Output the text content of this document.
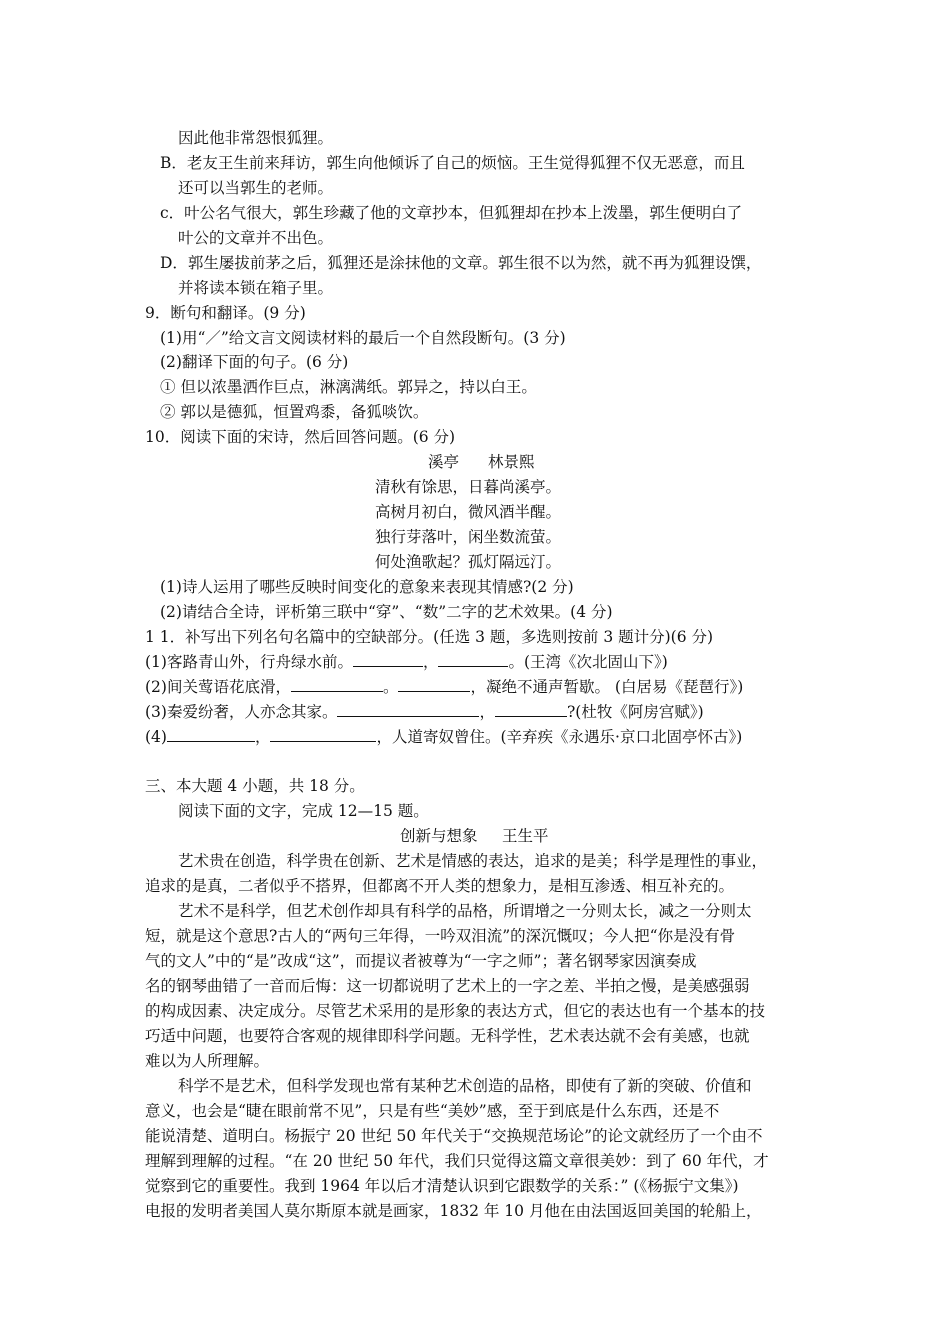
因此他非常怨恨狐狸。
B．老友王生前来拜访，郭生向他倾诉了自己的烦恼。王生觉得狐狸不仅无恶意，而且
还可以当郭生的老师。
c．叶公名气很大，郭生珍藏了他的文章抄本，但狐狸却在抄本上泼墨，郭生便明白了
叶公的文章并不出色。
D．郭生屡拔前茅之后，狐狸还是涂抹他的文章。郭生很不以为然，就不再为狐狸设馔，
并将读本锁在箱子里。
9．断句和翻译。(9 分)
(1)用“／”给文言文阅读材料的最后一个自然段断句。(3 分)
(2)翻译下面的句子。(6 分)
① 但以浓墨洒作巨点，淋漓满纸。郭异之，持以白王。
② 郭以是德狐，恒置鸡黍，备狐啖饮。
10．阅读下面的宋诗，然后回答问题。(6 分)
溪亭 林景熙
清秋有馀思，日暮尚溪亭。
高树月初白，微风酒半醒。
独行芽落叶，闲坐数流萤。
何处渔歌起？孤灯隔远汀。
(1)诗人运用了哪些反映时间变化的意象来表现其情感?(2 分)
(2)请结合全诗，评析第三联中“穿”、“数”二字的艺术效果。(4 分)
1 1．补写出下列名句名篇中的空缺部分。(任选 3 题，多选则按前 3 题计分)(6 分)
(1)客路青山外，行舟绿水前。	，	。(王湾《次北固山下》)
(2)间关莺语花底滑，	。	，凝绝不通声暂歇。 (白居易《琵琶行》)
(3)秦爱纷奢，人亦念其家。	，	?(杜牧《阿房宫赋》)
(4)	，	，人道寄奴曾住。(辛弃疾《永遇乐·京口北固亭怀古》)
三、本大题 4 小题，共 18 分。
阅读下面的文字，完成 12—15 题。
创新与想象 王生平
艺术贵在创造，科学贵在创新、艺术是情感的表达，追求的是美；科学是理性的事业，
追求的是真，二者似乎不搭界，但都离不开人类的想象力，是相互渗透、相互补充的。
艺术不是科学，但艺术创作却具有科学的品格，所谓增之一分则太长，减之一分则太
短，就是这个意思?古人的“两句三年得，一吟双泪流”的深沉慨叹；今人把“你是没有骨
气的文人”中的“是”改成“这”，而提议者被尊为“一字之师”；著名钢琴家因演奏成
名的钢琴曲错了一音而后悔：这一切都说明了艺术上的一字之差、半拍之慢，是美感强弱
的构成因素、决定成分。尽管艺术采用的是形象的表达方式，但它的表达也有一个基本的技
巧适中问题，也要符合客观的规律即科学问题。无科学性，艺术表达就不会有美感，也就
难以为人所理解。
科学不是艺术，但科学发现也常有某种艺术创造的品格，即使有了新的突破、价值和
意义，也会是“睫在眼前常不见”，只是有些“美妙”感，至于到底是什么东西，还是不
能说清楚、道明白。杨振宁 20 世纪 50 年代关于“交换规范场论”的论文就经历了一个由不
理解到理解的过程。“在 20 世纪 50 年代，我们只觉得这篇文章很美妙：到了 60 年代，才
觉察到它的重要性。我到 1964 年以后才清楚认识到它跟数学的关系：” (《杨振宁文集》)
电报的发明者美国人莫尔斯原本就是画家，1832 年 10 月他在由法国返回美国的轮船上，
